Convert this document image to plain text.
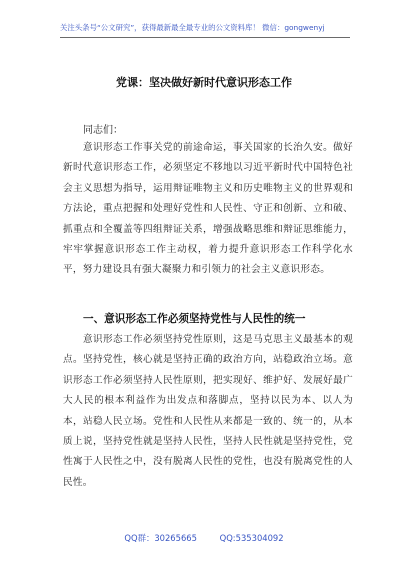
关注头条号“公文研究”，获得最新最全最专业的公文资料库！ 微信：gongwenyj
党课：坚决做好新时代意识形态工作
同志们：

意识形态工作事关党的前途命运，事关国家的长治久安。做好新时代意识形态工作，必须坚定不移地以习近平新时代中国特色社会主义思想为指导，运用辩证唯物主义和历史唯物主义的世界观和方法论，重点把握和处理好党性和人民性、守正和创新、立和破、抓重点和全覆盖等四组辩证关系，增强战略思维和辩证思维能力，牢牢掌握意识形态工作主动权，着力提升意识形态工作科学化水平，努力建设具有强大凝聚力和引领力的社会主义意识形态。

一、意识形态工作必须坚持党性与人民性的统一

意识形态工作必须坚持党性原则，这是马克思主义最基本的观点。坚持党性，核心就是坚持正确的政治方向，站稳政治立场。意识形态工作必须坚持人民性原则，把实现好、维护好、发展好最广大人民的根本利益作为出发点和落脚点，坚持以民为本、以人为本，站稳人民立场。党性和人民性从来都是一致的、统一的，从本质上说，坚持党性就是坚持人民性，坚持人民性就是坚持党性，党性寓于人民性之中，没有脱离人民性的党性，也没有脱离党性的人民性。

QQ群：30265665	QQ:535304092
